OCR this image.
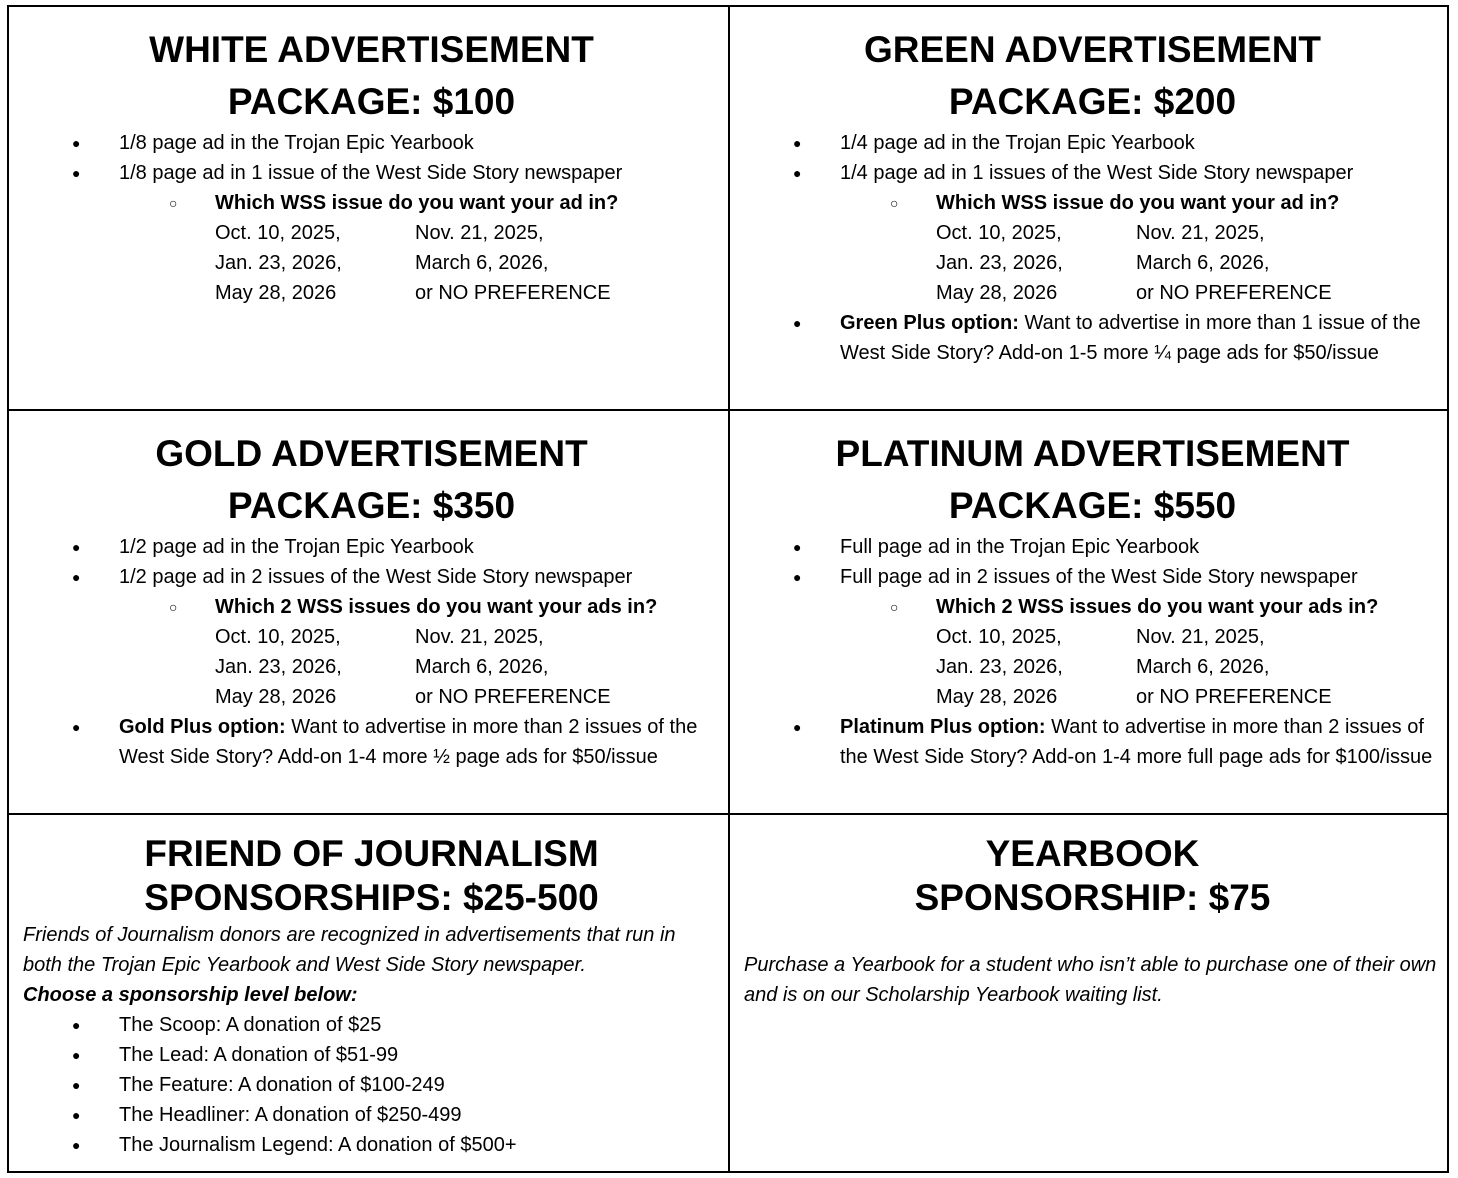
WHITE ADVERTISEMENT
PACKAGE: $100
● 1/8 page ad in the Trojan Epic Yearbook
● 1/8 page ad in 1 issue of the West Side Story newspaper
○ Which WSS issue do you want your ad in?
Oct. 10, 2025,	Nov. 21, 2025,
Jan. 23, 2026,	March 6, 2026,
May 28, 2026	or NO PREFERENCE
GREEN ADVERTISEMENT
PACKAGE: $200
● 1/4 page ad in the Trojan Epic Yearbook
● 1/4 page ad in 1 issues of the West Side Story newspaper
○ Which WSS issue do you want your ad in?
Oct. 10, 2025,	Nov. 21, 2025,
Jan. 23, 2026,	March 6, 2026,
May 28, 2026	or NO PREFERENCE
● Green Plus option: Want to advertise in more than 1 issue of the West Side Story? Add-on 1-5 more ¼ page ads for $50/issue
GOLD ADVERTISEMENT
PACKAGE: $350
● 1/2 page ad in the Trojan Epic Yearbook
● 1/2 page ad in 2 issues of the West Side Story newspaper
○ Which 2 WSS issues do you want your ads in?
Oct. 10, 2025,	Nov. 21, 2025,
Jan. 23, 2026,	March 6, 2026,
May 28, 2026	or NO PREFERENCE
● Gold Plus option: Want to advertise in more than 2 issues of the West Side Story? Add-on 1-4 more ½ page ads for $50/issue
PLATINUM ADVERTISEMENT
PACKAGE: $550
● Full page ad in the Trojan Epic Yearbook
● Full page ad in 2 issues of the West Side Story newspaper
○ Which 2 WSS issues do you want your ads in?
Oct. 10, 2025,	Nov. 21, 2025,
Jan. 23, 2026,	March 6, 2026,
May 28, 2026	or NO PREFERENCE
● Platinum Plus option: Want to advertise in more than 2 issues of the West Side Story? Add-on 1-4 more full page ads for $100/issue
FRIEND OF JOURNALISM
SPONSORSHIPS: $25-500
Friends of Journalism donors are recognized in advertisements that run in both the Trojan Epic Yearbook and West Side Story newspaper.
Choose a sponsorship level below:
● The Scoop: A donation of $25
● The Lead: A donation of $51-99
● The Feature: A donation of $100-249
● The Headliner: A donation of $250-499
● The Journalism Legend: A donation of $500+
YEARBOOK
SPONSORSHIP: $75
Purchase a Yearbook for a student who isn’t able to purchase one of their own and is on our Scholarship Yearbook waiting list.
